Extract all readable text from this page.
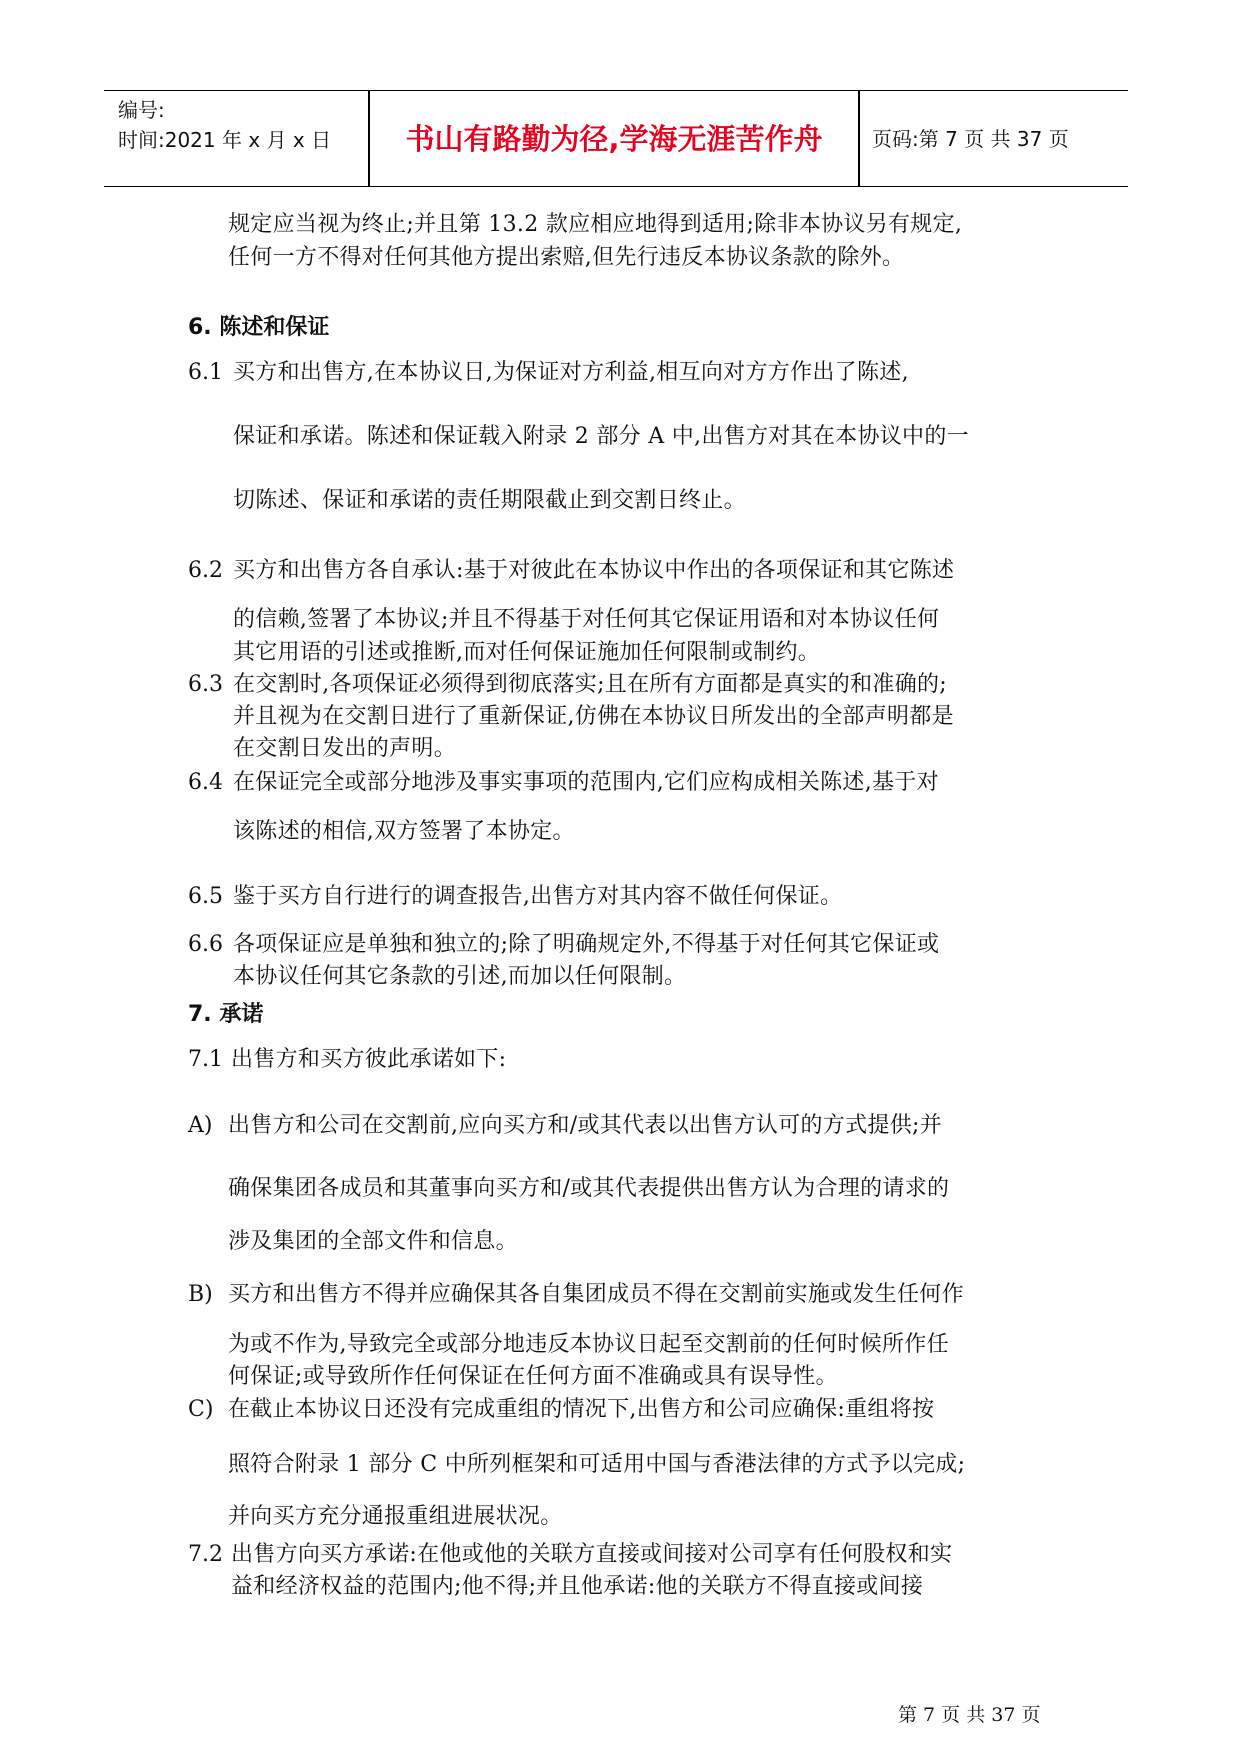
编号:
时间:2021 年 x 月 x 日	书山有路勤为径,学海无涯苦作舟	页码:第 7 页 共 37 页
规定应当视为终止;并且第 13.2 款应相应地得到适用;除非本协议另有规定,
任何一方不得对任何其他方提出索赔,但先行违反本协议条款的除外。
6. 陈述和保证
6.1 买方和出售方,在本协议日,为保证对方利益,相互向对方方作出了陈述,
保证和承诺。陈述和保证载入附录 2 部分 A 中,出售方对其在本协议中的一
切陈述、保证和承诺的责任期限截止到交割日终止。
6.2 买方和出售方各自承认:基于对彼此在本协议中作出的各项保证和其它陈述
的信赖,签署了本协议;并且不得基于对任何其它保证用语和对本协议任何
其它用语的引述或推断,而对任何保证施加任何限制或制约。
6.3 在交割时,各项保证必须得到彻底落实;且在所有方面都是真实的和准确的;
并且视为在交割日进行了重新保证,仿佛在本协议日所发出的全部声明都是
在交割日发出的声明。
6.4 在保证完全或部分地涉及事实事项的范围内,它们应构成相关陈述,基于对
该陈述的相信,双方签署了本协定。
6.5 鉴于买方自行进行的调查报告,出售方对其内容不做任何保证。
6.6 各项保证应是单独和独立的;除了明确规定外,不得基于对任何其它保证或
本协议任何其它条款的引述,而加以任何限制。
7. 承诺
7.1 出售方和买方彼此承诺如下:
A) 出售方和公司在交割前,应向买方和/或其代表以出售方认可的方式提供;并
确保集团各成员和其董事向买方和/或其代表提供出售方认为合理的请求的
涉及集团的全部文件和信息。
B) 买方和出售方不得并应确保其各自集团成员不得在交割前实施或发生任何作
为或不作为,导致完全或部分地违反本协议日起至交割前的任何时候所作任
何保证;或导致所作任何保证在任何方面不准确或具有误导性。
C) 在截止本协议日还没有完成重组的情况下,出售方和公司应确保:重组将按
照符合附录 1 部分 C 中所列框架和可适用中国与香港法律的方式予以完成;
并向买方充分通报重组进展状况。
7.2 出售方向买方承诺:在他或他的关联方直接或间接对公司享有任何股权和实
益和经济权益的范围内;他不得;并且他承诺:他的关联方不得直接或间接
第 7 页 共 37 页
